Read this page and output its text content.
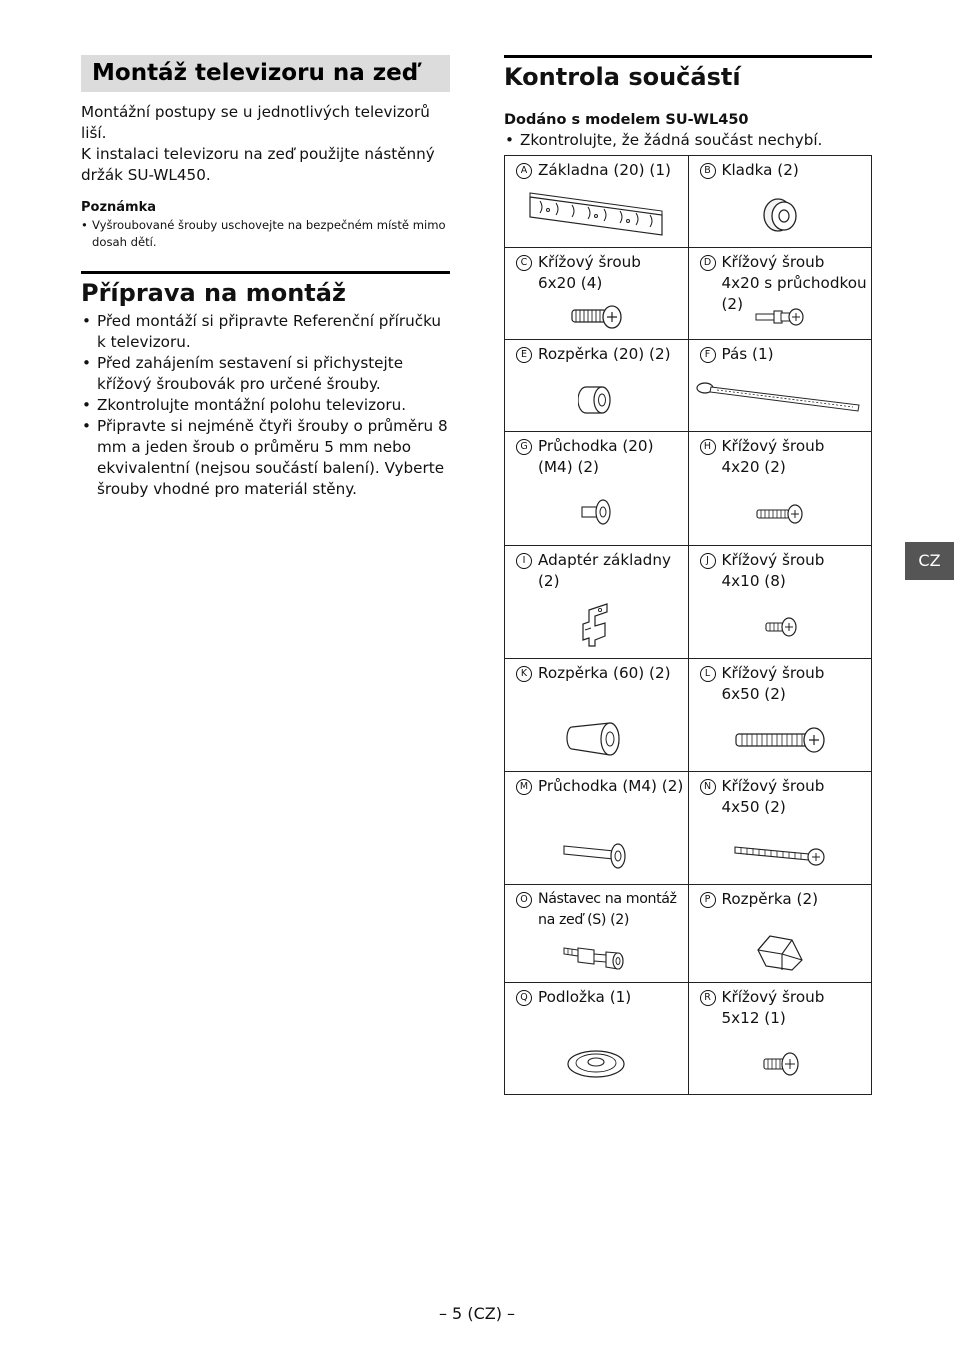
Montáž televizoru na zeď

Montážní postupy se u jednotlivých televizorů liší.
K instalaci televizoru na zeď použijte nástěnný držák SU-WL450.

Poznámka
• Vyšroubované šrouby uschovejte na bezpečném místě mimo dosah dětí.
Příprava na montáž
• Před montáží si připravte Referenční příručku k televizoru.
• Před zahájením sestavení si přichystejte křížový šroubovák pro určené šrouby.
• Zkontrolujte montážní polohu televizoru.
• Připravte si nejméně čtyři šrouby o průměru 8 mm a jeden šroub o průměru 5 mm nebo ekvivalentní (nejsou součástí balení). Vyberte šrouby vhodné pro materiál stěny.
Kontrola součástí
Dodáno s modelem SU-WL450
• Zkontrolujte, že žádná součást nechybí.
A Základna (20) (1)	B Kladka (2)

C Křížový šroub 6x20 (4)	D Křížový šroub 4x20 s průchodkou (2)

E Rozpěrka (20) (2)	F Pás (1)

G Průchodka (20) (M4) (2)	H Křížový šroub 4x20 (2)

I Adaptér základny (2)	J Křížový šroub 4x10 (8)

K Rozpěrka (60) (2)	L Křížový šroub 6x50 (2)

M Průchodka (M4) (2)	N Křížový šroub 4x50 (2)

O Nástavec na montáž na zeď (S) (2)	P Rozpěrka (2)

Q Podložka (1)	R Křížový šroub 5x12 (1)
CZ
– 5 (CZ) –
